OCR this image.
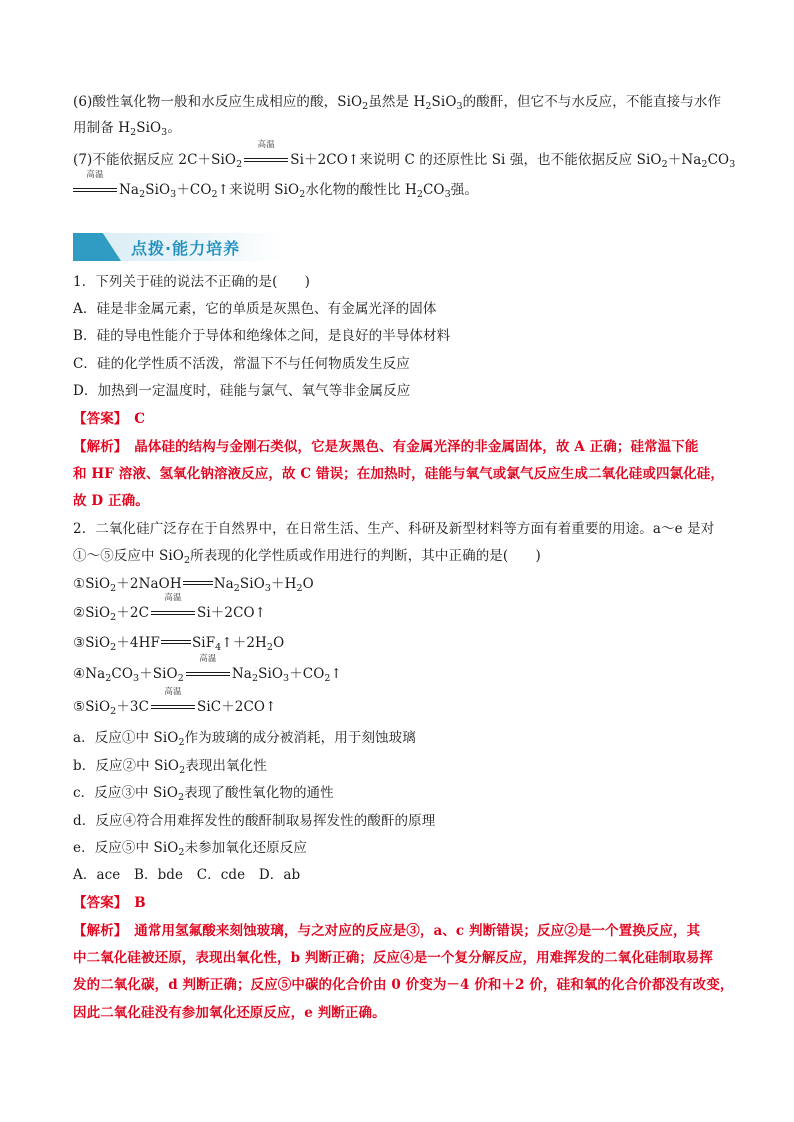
(6)酸性氧化物一般和水反应生成相应的酸，SiO$_2$虽然是 $H_2SiO_3$的酸酐，但它不与水反应，不能直接与水作
用制备 $H_2SiO_3$。
(7)不能依据反应 2C＋SiO$_2$
高温
Si＋2CO↑来说明 C 的还原性比 Si 强，也不能依据反应 $SiO_2+Na_2CO_3$
高温
$Na_2SiO_3+CO_2↑$来说明 SiO$_2$水化物的酸性比 $H_2CO_3$强。
点拨·能力培养
1．下列关于硅的说法不正确的是(　　)
A．硅是非金属元素，它的单质是灰黑色、有金属光泽的固体
B．硅的导电性能介于导体和绝缘体之间，是良好的半导体材料
C．硅的化学性质不活泼，常温下不与任何物质发生反应
D．加热到一定温度时，硅能与氯气、氧气等非金属反应
【答案】　 C
【解析】　 晶体硅的结构与金刚石类似，它是灰黑色、有金属光泽的非金属固体，故 A 正确；硅常温下能
和 HF 溶液、氢氧化钠溶液反应，故 C 错误；在加热时，硅能与氧气或氯气反应生成二氧化硅或四氯化硅，
故 D 正确。
2．二氧化硅广泛存在于自然界中，在日常生活、生产、科研及新型材料等方面有着重要的用途。a～e 是对
①～⑤反应中 SiO$_2$所表现的化学性质或作用进行的判断，其中正确的是(　　)
①SiO$_2$＋2NaOH $Na_2SiO_3+H_2O$
②SiO$_2$＋2C
高温
Si＋2CO↑
③SiO$_2$＋4HF $SiF_4↑+2H_2O$
$④Na_2CO_3+SiO_2$
高温
$Na_2SiO_3+CO_2↑$
⑤SiO$_2$＋3C
高温
SiC＋2CO↑
a．反应①中 SiO$_2$作为玻璃的成分被消耗，用于刻蚀玻璃
b．反应②中 SiO$_2$表现出氧化性
c．反应③中 SiO$_2$表现了酸性氧化物的通性
d．反应④符合用难挥发性的酸酐制取易挥发性的酸酐的原理
e．反应⑤中 SiO$_2$未参加氧化还原反应
A．ace　B．bde　C．cde　D．ab
【答案】　 B
【解析】　 通常用氢氟酸来刻蚀玻璃，与之对应的反应是③，a、c 判断错误；反应②是一个置换反应，其
中二氧化硅被还原，表现出氧化性，b 判断正确；反应④是一个复分解反应，用难挥发的二氧化硅制取易挥
发的二氧化碳，d 判断正确；反应⑤中碳的化合价由 0 价变为－4 价和＋2 价，硅和氧的化合价都没有改变，
因此二氧化硅没有参加氧化还原反应，e 判断正确。
